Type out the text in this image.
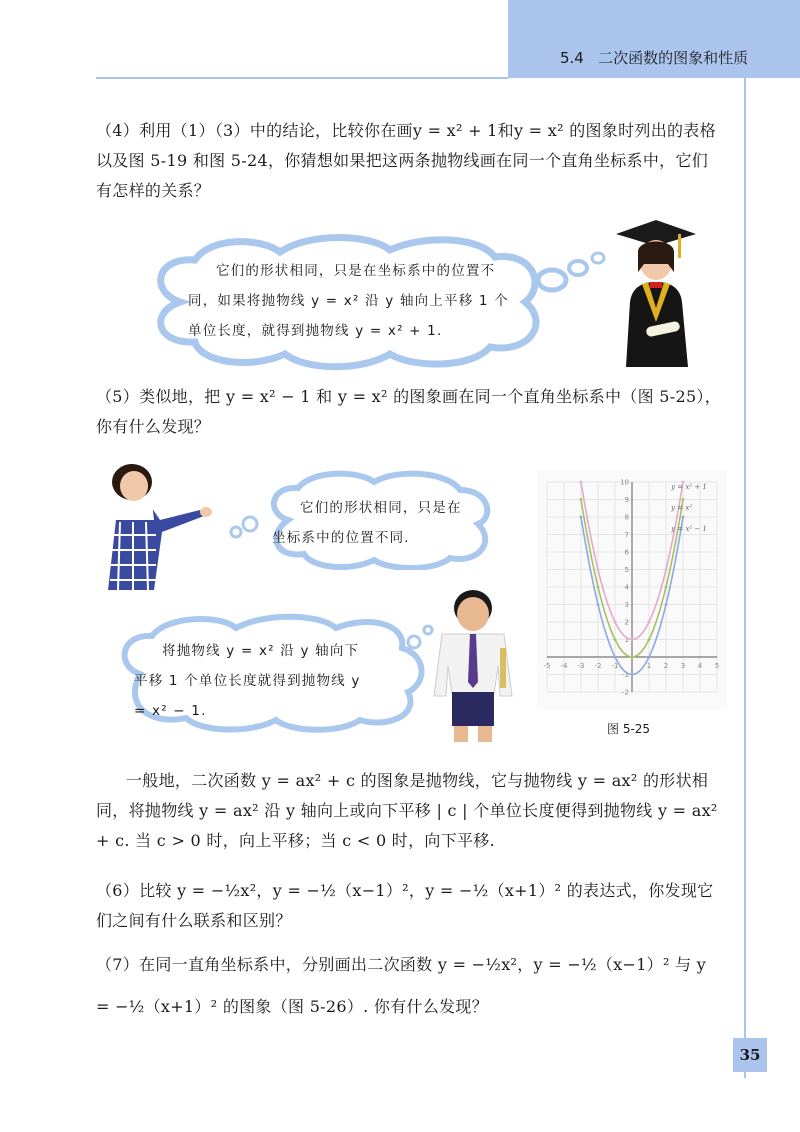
5.4 二次函数的图象和性质
（4）利用（1）（3）中的结论，比较你在画y = x² + 1和y = x² 的图象时列出的表格以及图 5-19 和图 5-24，你猜想如果把这两条抛物线画在同一个直角坐标系中，它们有怎样的关系？
它们的形状相同，只是在坐标系中的位置不同，如果将抛物线 y = x² 沿 y 轴向上平移 1 个单位长度，就得到抛物线 y = x² + 1.
（5）类似地，把 y = x² − 1 和 y = x² 的图象画在同一个直角坐标系中（图 5-25），你有什么发现？
它们的形状相同，只是在坐标系中的位置不同.
-5 -4 -3 -2 -1	1 2 3 4 5
-2
-1
1
2
3
4
5
6
7
8
9
10
y = x² + 1
y = x²
y = x² − 1
图 5-25
将抛物线 y = x² 沿 y 轴向下平移 1 个单位长度就得到抛物线 y = x² − 1.
一般地，二次函数 y = ax² + c 的图象是抛物线，它与抛物线 y = ax² 的形状相同，将抛物线 y = ax² 沿 y 轴向上或向下平移 | c | 个单位长度便得到抛物线 y = ax² + c. 当 c > 0 时，向上平移；当 c < 0 时，向下平移.
（6）比较 y = −½x²，y = −½（x−1）²，y = −½（x+1）² 的表达式，你发现它们之间有什么联系和区别？
（7）在同一直角坐标系中，分别画出二次函数 y = −½x²，y = −½（x−1）² 与 y = −½（x+1）² 的图象（图 5-26）. 你有什么发现？
35
